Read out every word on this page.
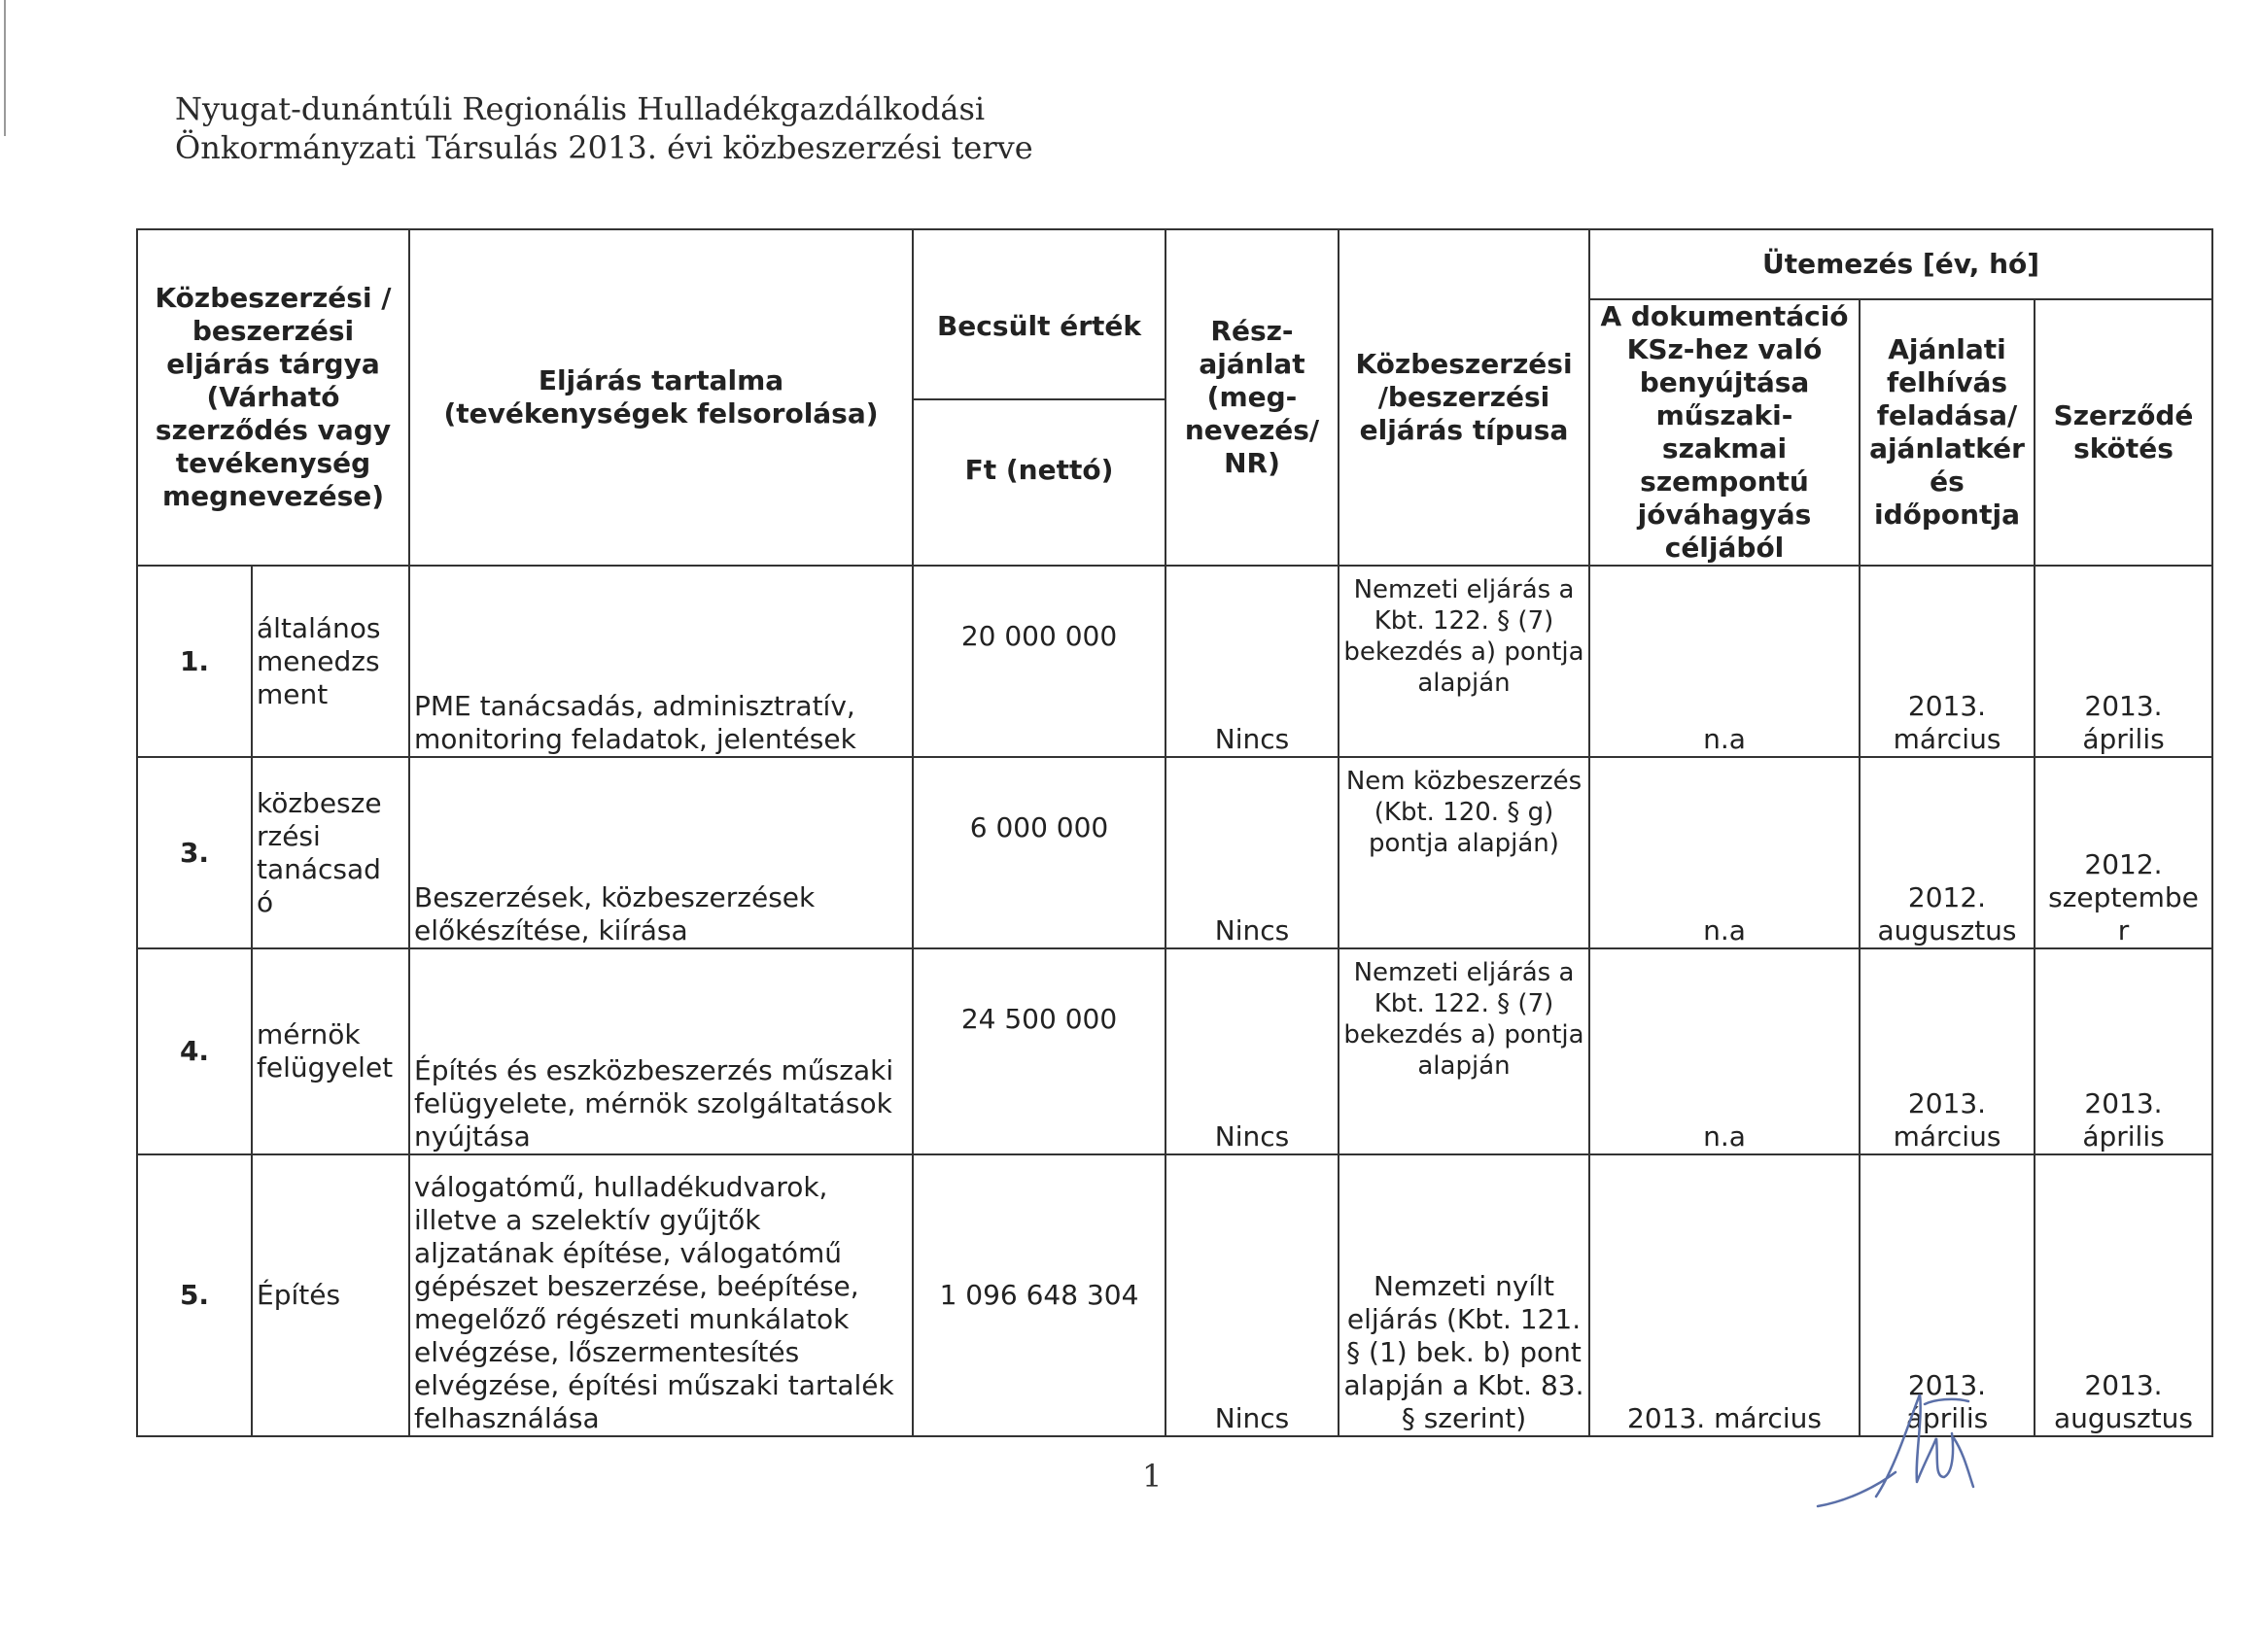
Nyugat-dunántúli Regionális Hulladékgazdálkodási
Önkormányzati Társulás 2013. évi közbeszerzési terve
Közbeszerzési / beszerzési eljárás tárgya (Várható szerződés vagy tevékenység megnevezése)		Eljárás tartalma (tevékenységek felsorolása)	Becsült érték
Ft (nettó)	Rész-ajánlat (meg-nevezés/ NR)	Közbeszerzési /beszerzési eljárás típusa	Ütemezés [év, hó]		
						A dokumentáció KSz-hez való benyújtása műszaki-szakmai szempontú jóváhagyás céljából	Ajánlati felhívás feladása/ ajánlatkér és időpontja	Szerződé skötés
1.	általános menedzs ment	PME tanácsadás, adminisztratív, monitoring feladatok, jelentések	20 000 000	Nincs	Nemzeti eljárás a Kbt. 122. § (7) bekezdés a) pontja alapján	n.a	2013. március	2013. április
3.	közbesze rzési tanácsad ó	Beszerzések, közbeszerzések előkészítése, kiírása	6 000 000	Nincs	Nem közbeszerzés (Kbt. 120. § g) pontja alapján)	n.a	2012. augusztus	2012. szeptembe r
4.	mérnök felügyelet	Építés és eszközbeszerzés műszaki felügyelete, mérnök szolgáltatások nyújtása	24 500 000	Nincs	Nemzeti eljárás a Kbt. 122. § (7) bekezdés a) pontja alapján	n.a	2013. március	2013. április
5.	Építés	válogatómű, hulladékudvarok, illetve a szelektív gyűjtők aljzatának építése, válogatómű gépészet beszerzése, beépítése, megelőző régészeti munkálatok elvégzése, lőszermentesítés elvégzése, építési műszaki tartalék felhasználása	1 096 648 304	Nincs	Nemzeti nyílt eljárás (Kbt. 121. § (1) bek. b) pont alapján a Kbt. 83. § szerint)	2013. március	2013. április	2013. augusztus
1
